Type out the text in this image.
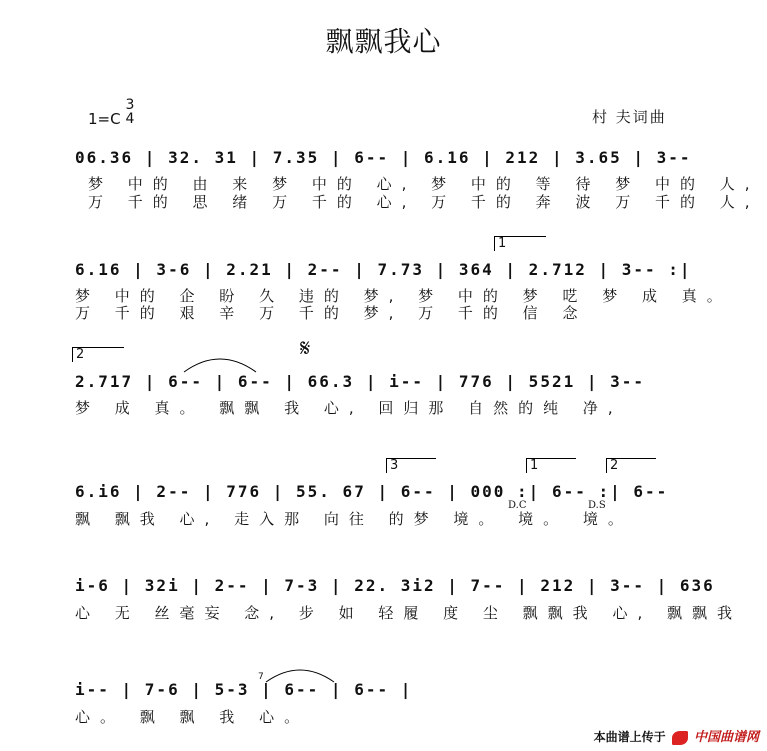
飘飘我心
1=C
3
4	村 夫词曲
06.36 | 32. 31 | 7.35 | 6-- | 6.16 | 212 | 3.65 | 3--
梦 中的 由 来 梦 中的 心, 梦 中的 等 待 梦 中的 人,
万 千的 思 绪 万 千的 心, 万 千的 奔 波 万 千的 人,
6.16 | 3-6 | 2.21 | 2-- | 7.73 | 364 | 2.712 | 3-- :|
1
梦 中的 企 盼 久 违的 梦, 梦 中的 梦 呓 梦 成 真。
万 千的 艰 辛 万 千的 梦, 万 千的 信 念
2	𝄋
2.717 | 6-- | 6-- | 66.3 | i-- | 776 | 5521 | 3--
梦 成 真。 飘飘 我 心, 回归那 自然的纯 净,
3	1	2
6.i6 | 2-- | 776 | 55. 67 | 6-- | 000 :| 6-- :| 6--
D.C	D.S
飘 飘我 心, 走入那 向往 的梦 境。 境。 境。
i-6 | 32i | 2-- | 7-3 | 22. 3i2 | 7-- | 212 | 3-- | 636
心 无 丝毫妄 念, 步 如 轻履 度 尘 飘飘我 心, 飘飘我
i-- | 7-6 | 5-3 | 6-- | 6-- |
7
心。 飘 飘 我 心。
本曲谱上传于 中国曲谱网
